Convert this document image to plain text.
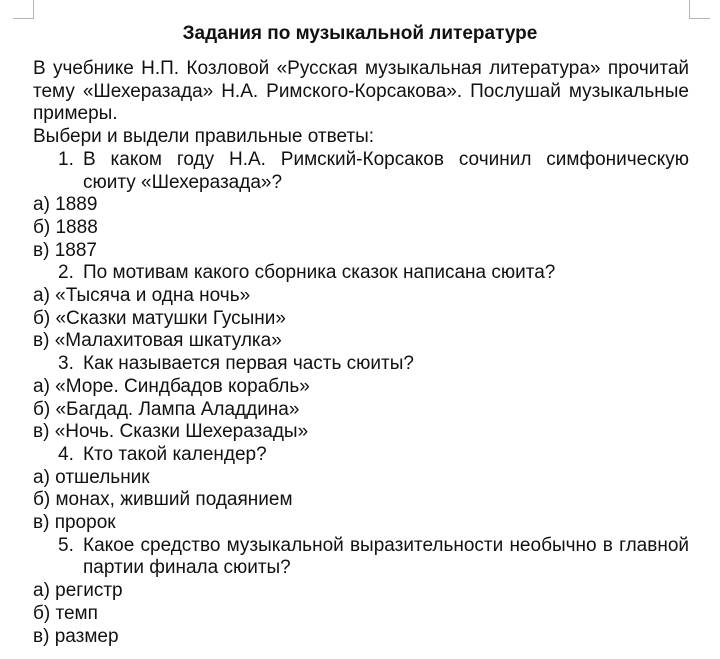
Задания по музыкальной литературе

В учебнике Н.П. Козловой «Русская музыкальная литература» прочитай тему «Шехеразада» Н.А. Римского-Корсакова». Послушай музыкальные примеры.

Выбери и выдели правильные ответы:

1. В каком году Н.А. Римский-Корсаков сочинил симфоническую сюиту «Шехеразада»?
а) 1889
б) 1888
в) 1887
2. По мотивам какого сборника сказок написана сюита?
а) «Тысяча и одна ночь»
б) «Сказки матушки Гусыни»
в) «Малахитовая шкатулка»
3. Как называется первая часть сюиты?
а) «Море. Синдбадов корабль»
б) «Багдад. Лампа Аладдина»
в) «Ночь. Сказки Шехеразады»
4. Кто такой календер?
а) отшельник
б) монах, живший подаянием
в) пророк
5. Какое средство музыкальной выразительности необычно в главной партии финала сюиты?
а) регистр
б) темп
в) размер
